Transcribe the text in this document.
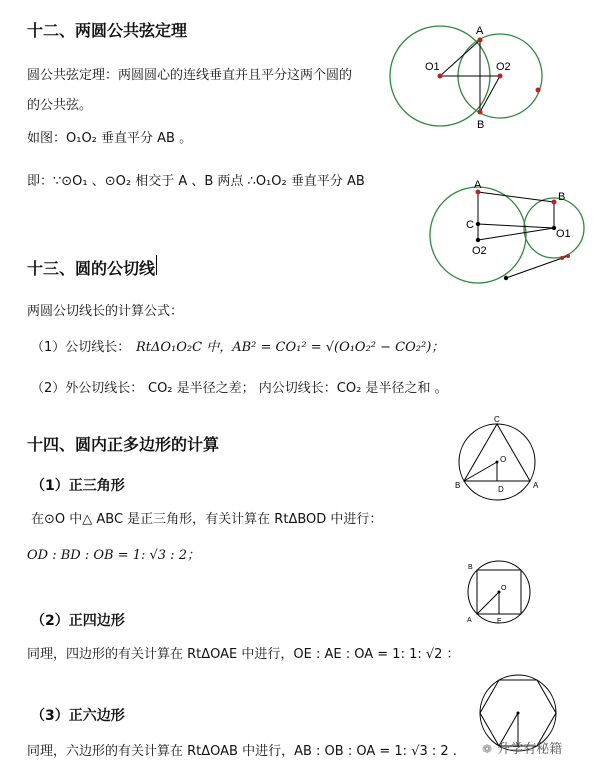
十二、两圆公共弦定理
圆公共弦定理：两圆圆心的连线垂直并且平分这两个圆的
的公共弦。
如图：O₁O₂ 垂直平分 AB 。
即：∵⊙O₁ 、⊙O₂ 相交于 A 、B 两点 ∴O₁O₂ 垂直平分 AB
A
B
O1	O2
A
B
C
O1
O2
十三、圆的公切线
两圆公切线长的计算公式：
（1）公切线长： RtΔO₁O₂C 中，AB² = CO₁² = √(O₁O₂² − CO₂²)；
（2）外公切线长： CO₂ 是半径之差； 内公切线长：CO₂ 是半径之和 。
十四、圆内正多边形的计算
（1）正三角形
在⊙O 中△ ABC 是正三角形，有关计算在 RtΔBOD 中进行：
OD : BD : OB = 1: √3 : 2；
（2）正四边形
同理，四边形的有关计算在 RtΔOAE 中进行，OE : AE : OA = 1: 1: √2 ：
（3）正六边形
同理，六边形的有关计算在 RtΔOAB 中进行，AB : OB : OA = 1: √3 : 2 .
C
B	A
D
O
B
A	E
O
❁ 升学有秘籍
